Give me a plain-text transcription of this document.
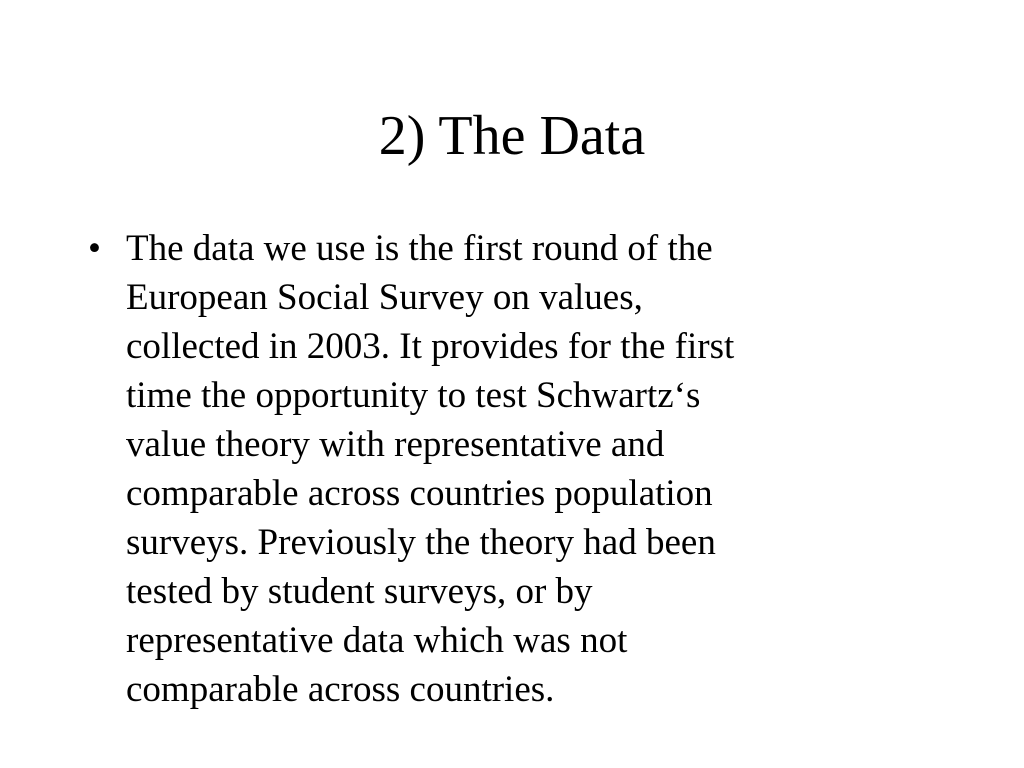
2) The Data
• The data we use is the first round of the
European Social Survey on values,
collected in 2003. It provides for the first
time the opportunity to test Schwartz‘s
value theory with representative and
comparable across countries population
surveys. Previously the theory had been
tested by student surveys, or by
representative data which was not
comparable across countries.
